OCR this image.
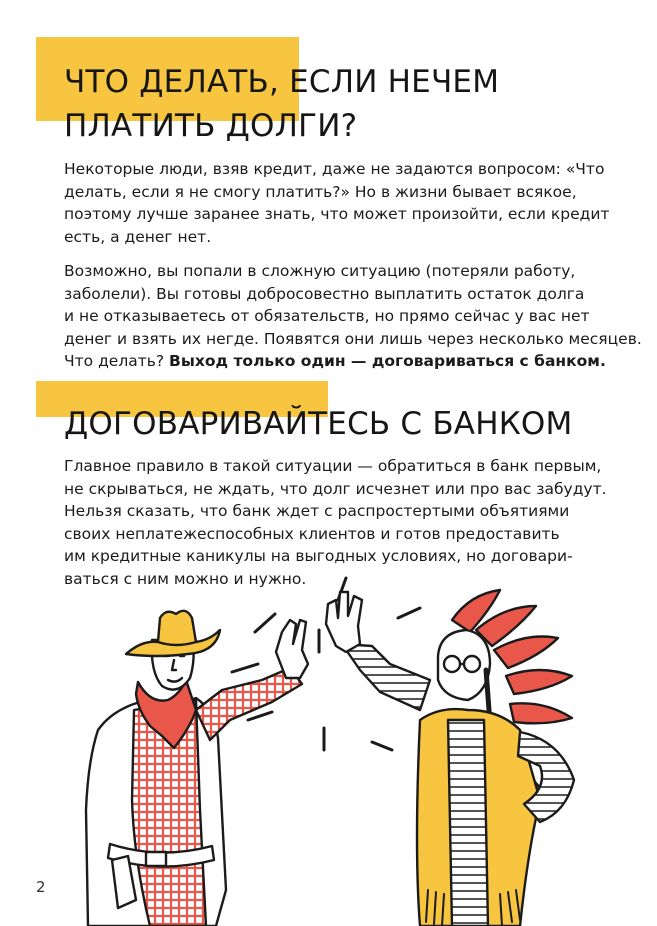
ЧТО ДЕЛАТЬ, ЕСЛИ НЕЧЕМ
ПЛАТИТЬ ДОЛГИ?

Некоторые люди, взяв кредит, даже не задаются вопросом: «Что
делать, если я не смогу платить?» Но в жизни бывает всякое,
поэтому лучше заранее знать, что может произойти, если кредит
есть, а денег нет.

Возможно, вы попали в сложную ситуацию (потеряли работу,
заболели). Вы готовы добросовестно выплатить остаток долга
и не отказываетесь от обязательств, но прямо сейчас у вас нет
денег и взять их негде. Появятся они лишь через несколько месяцев.
Что делать? Выход только один — договариваться с банком.

ДОГОВАРИВАЙТЕСЬ С БАНКОМ

Главное правило в такой ситуации — обратиться в банк первым,
не скрываться, не ждать, что долг исчезнет или про вас забудут.
Нельзя сказать, что банк ждет с распростертыми объятиями
своих неплатежеспособных клиентов и готов предоставить
им кредитные каникулы на выгодных условиях, но договари-
ваться с ним можно и нужно.

2
